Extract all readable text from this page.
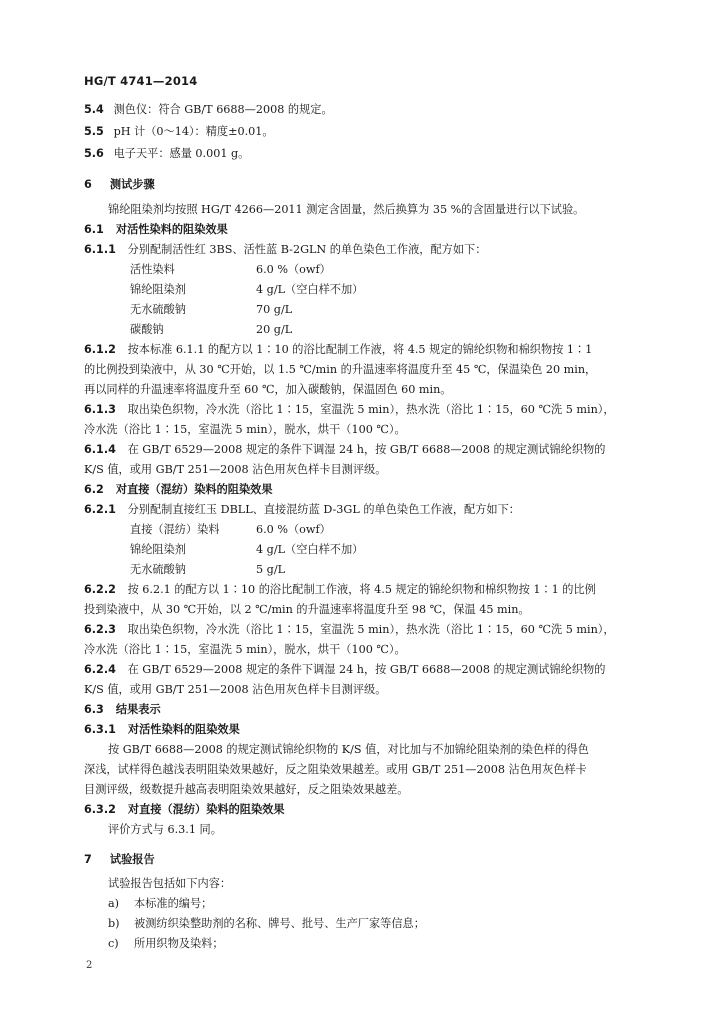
HG/T 4741—2014
5.4 测色仪：符合 GB/T 6688—2008 的规定。
5.5 pH 计（0～14）：精度±0.01。
5.6 电子天平：感量 0.001 g。
6 测试步骤
锦纶阻染剂均按照 HG/T 4266—2011 测定含固量，然后换算为 35 %的含固量进行以下试验。
6.1 对活性染料的阻染效果
6.1.1 分别配制活性红 3BS、活性蓝 B-2GLN 的单色染色工作液，配方如下：
活性染料	6.0 %（owf）
锦纶阻染剂	4 g/L（空白样不加）
无水硫酸钠	70 g/L
碳酸钠	20 g/L
6.1.2 按本标准 6.1.1 的配方以 1∶10 的浴比配制工作液，将 4.5 规定的锦纶织物和棉织物按 1∶1
的比例投到染液中，从 30 ℃开始，以 1.5 ℃/min 的升温速率将温度升至 45 ℃，保温染色 20 min，
再以同样的升温速率将温度升至 60 ℃，加入碳酸钠，保温固色 60 min。
6.1.3 取出染色织物，冷水洗（浴比 1∶15，室温洗 5 min），热水洗（浴比 1∶15，60 ℃洗 5 min），
冷水洗（浴比 1∶15，室温洗 5 min），脱水，烘干（100 ℃）。
6.1.4 在 GB/T 6529—2008 规定的条件下调湿 24 h，按 GB/T 6688—2008 的规定测试锦纶织物的
K/S 值，或用 GB/T 251—2008 沾色用灰色样卡目测评级。
6.2 对直接（混纺）染料的阻染效果
6.2.1 分别配制直接红玉 DBLL、直接混纺蓝 D-3GL 的单色染色工作液，配方如下：
直接（混纺）染料	6.0 %（owf）
锦纶阻染剂	4 g/L（空白样不加）
无水硫酸钠	5 g/L
6.2.2 按 6.2.1 的配方以 1∶10 的浴比配制工作液，将 4.5 规定的锦纶织物和棉织物按 1∶1 的比例
投到染液中，从 30 ℃开始，以 2 ℃/min 的升温速率将温度升至 98 ℃，保温 45 min。
6.2.3 取出染色织物，冷水洗（浴比 1∶15，室温洗 5 min），热水洗（浴比 1∶15，60 ℃洗 5 min），
冷水洗（浴比 1∶15，室温洗 5 min），脱水，烘干（100 ℃）。
6.2.4 在 GB/T 6529—2008 规定的条件下调湿 24 h，按 GB/T 6688—2008 的规定测试锦纶织物的
K/S 值，或用 GB/T 251—2008 沾色用灰色样卡目测评级。
6.3 结果表示
6.3.1 对活性染料的阻染效果
按 GB/T 6688—2008 的规定测试锦纶织物的 K/S 值，对比加与不加锦纶阻染剂的染色样的得色
深浅，试样得色越浅表明阻染效果越好，反之阻染效果越差。或用 GB/T 251—2008 沾色用灰色样卡
目测评级，级数提升越高表明阻染效果越好，反之阻染效果越差。
6.3.2 对直接（混纺）染料的阻染效果
评价方式与 6.3.1 同。
7 试验报告
试验报告包括如下内容：
a) 本标准的编号；
b) 被测纺织染整助剂的名称、牌号、批号、生产厂家等信息；
c) 所用织物及染料；
2
